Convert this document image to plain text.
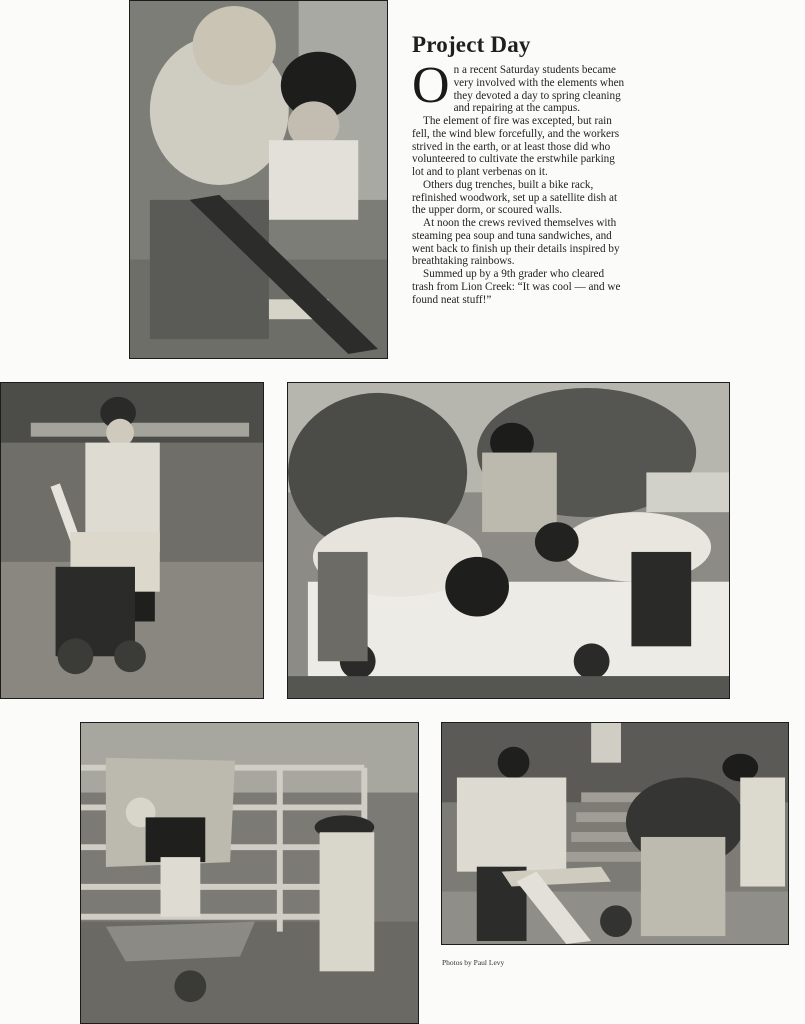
Project Day

On a recent Saturday students became very involved with the elements when they devoted a day to spring cleaning and repairing at the campus.

The element of fire was excepted, but rain fell, the wind blew forcefully, and the workers strived in the earth, or at least those did who volunteered to cultivate the erstwhile parking lot and to plant verbenas on it.

Others dug trenches, built a bike rack, refinished woodwork, set up a satellite dish at the upper dorm, or scoured walls.

At noon the crews revived themselves with steaming pea soup and tuna sandwiches, and went back to finish up their details inspired by breathtaking rainbows.

Summed up by a 9th grader who cleared trash from Lion Creek: “It was cool — and we found neat stuff!”

Photos by Paul Levy
